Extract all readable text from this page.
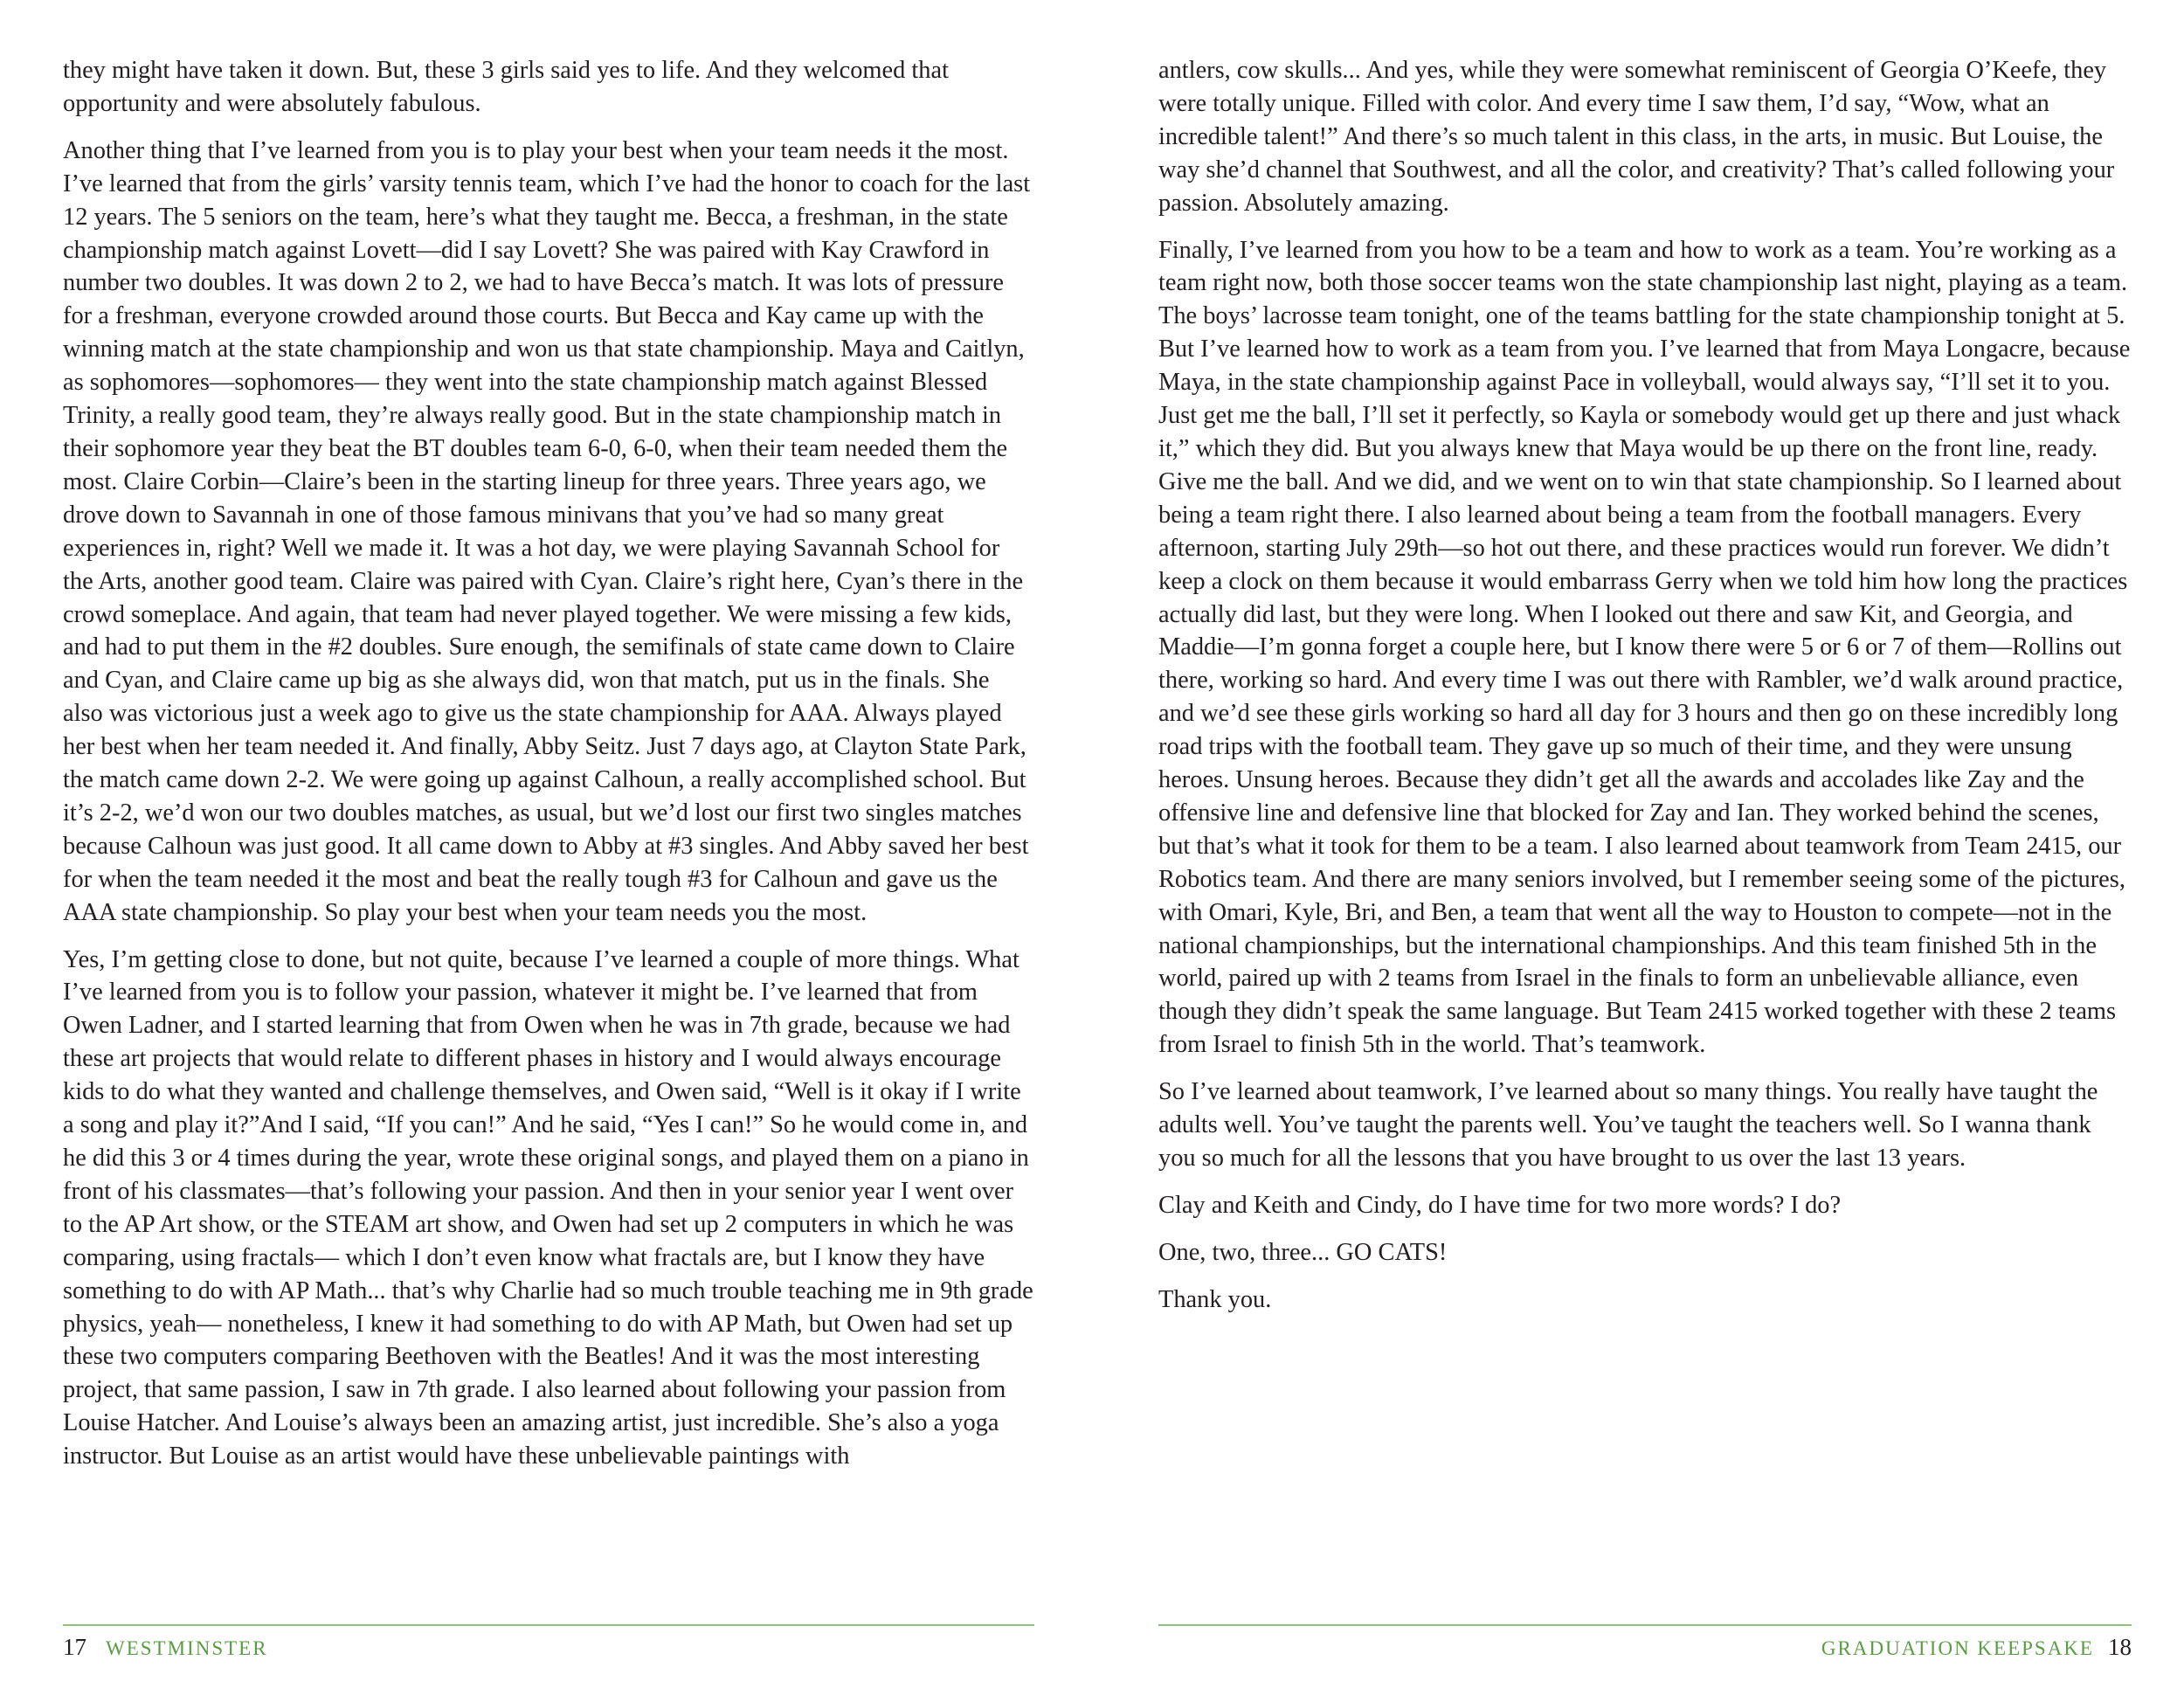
they might have taken it down. But, these 3 girls said yes to life. And they welcomed that opportunity and were absolutely fabulous.

Another thing that I’ve learned from you is to play your best when your team needs it the most. I’ve learned that from the girls’ varsity tennis team, which I’ve had the honor to coach for the last 12 years. The 5 seniors on the team, here’s what they taught me. Becca, a freshman, in the state championship match against Lovett—did I say Lovett? She was paired with Kay Crawford in number two doubles. It was down 2 to 2, we had to have Becca’s match. It was lots of pressure for a freshman, everyone crowded around those courts. But Becca and Kay came up with the winning match at the state championship and won us that state championship. Maya and Caitlyn, as sophomores—sophomores— they went into the state championship match against Blessed Trinity, a really good team, they’re always really good. But in the state championship match in their sophomore year they beat the BT doubles team 6-0, 6-0, when their team needed them the most. Claire Corbin—Claire’s been in the starting lineup for three years. Three years ago, we drove down to Savannah in one of those famous minivans that you’ve had so many great experiences in, right? Well we made it. It was a hot day, we were playing Savannah School for the Arts, another good team. Claire was paired with Cyan. Claire’s right here, Cyan’s there in the crowd someplace. And again, that team had never played together. We were missing a few kids, and had to put them in the #2 doubles. Sure enough, the semifinals of state came down to Claire and Cyan, and Claire came up big as she always did, won that match, put us in the finals. She also was victorious just a week ago to give us the state championship for AAA. Always played her best when her team needed it. And finally, Abby Seitz. Just 7 days ago, at Clayton State Park, the match came down 2-2. We were going up against Calhoun, a really accomplished school. But it’s 2-2, we’d won our two doubles matches, as usual, but we’d lost our first two singles matches because Calhoun was just good. It all came down to Abby at #3 singles. And Abby saved her best for when the team needed it the most and beat the really tough #3 for Calhoun and gave us the AAA state championship. So play your best when your team needs you the most.

Yes, I’m getting close to done, but not quite, because I’ve learned a couple of more things. What I’ve learned from you is to follow your passion, whatever it might be. I’ve learned that from Owen Ladner, and I started learning that from Owen when he was in 7th grade, because we had these art projects that would relate to different phases in history and I would always encourage kids to do what they wanted and challenge themselves, and Owen said, “Well is it okay if I write a song and play it?”And I said, “If you can!” And he said, “Yes I can!” So he would come in, and he did this 3 or 4 times during the year, wrote these original songs, and played them on a piano in front of his classmates—that’s following your passion. And then in your senior year I went over to the AP Art show, or the STEAM art show, and Owen had set up 2 computers in which he was comparing, using fractals— which I don’t even know what fractals are, but I know they have something to do with AP Math... that’s why Charlie had so much trouble teaching me in 9th grade physics, yeah— nonetheless, I knew it had something to do with AP Math, but Owen had set up these two computers comparing Beethoven with the Beatles! And it was the most interesting project, that same passion, I saw in 7th grade. I also learned about following your passion from Louise Hatcher. And Louise’s always been an amazing artist, just incredible. She’s also a yoga instructor. But Louise as an artist would have these unbelievable paintings with

antlers, cow skulls... And yes, while they were somewhat reminiscent of Georgia O’Keefe, they were totally unique. Filled with color. And every time I saw them, I’d say, “Wow, what an incredible talent!” And there’s so much talent in this class, in the arts, in music. But Louise, the way she’d channel that Southwest, and all the color, and creativity? That’s called following your passion. Absolutely amazing.

Finally, I’ve learned from you how to be a team and how to work as a team. You’re working as a team right now, both those soccer teams won the state championship last night, playing as a team. The boys’ lacrosse team tonight, one of the teams battling for the state championship tonight at 5. But I’ve learned how to work as a team from you. I’ve learned that from Maya Longacre, because Maya, in the state championship against Pace in volleyball, would always say, “I’ll set it to you. Just get me the ball, I’ll set it perfectly, so Kayla or somebody would get up there and just whack it,” which they did. But you always knew that Maya would be up there on the front line, ready. Give me the ball. And we did, and we went on to win that state championship. So I learned about being a team right there. I also learned about being a team from the football managers. Every afternoon, starting July 29th—so hot out there, and these practices would run forever. We didn’t keep a clock on them because it would embarrass Gerry when we told him how long the practices actually did last, but they were long. When I looked out there and saw Kit, and Georgia, and Maddie—I’m gonna forget a couple here, but I know there were 5 or 6 or 7 of them—Rollins out there, working so hard. And every time I was out there with Rambler, we’d walk around practice, and we’d see these girls working so hard all day for 3 hours and then go on these incredibly long road trips with the football team. They gave up so much of their time, and they were unsung heroes. Unsung heroes. Because they didn’t get all the awards and accolades like Zay and the offensive line and defensive line that blocked for Zay and Ian. They worked behind the scenes, but that’s what it took for them to be a team. I also learned about teamwork from Team 2415, our Robotics team. And there are many seniors involved, but I remember seeing some of the pictures, with Omari, Kyle, Bri, and Ben, a team that went all the way to Houston to compete—not in the national championships, but the international championships. And this team finished 5th in the world, paired up with 2 teams from Israel in the finals to form an unbelievable alliance, even though they didn’t speak the same language. But Team 2415 worked together with these 2 teams from Israel to finish 5th in the world. That’s teamwork.

So I’ve learned about teamwork, I’ve learned about so many things. You really have taught the adults well. You’ve taught the parents well. You’ve taught the teachers well. So I wanna thank you so much for all the lessons that you have brought to us over the last 13 years.

Clay and Keith and Cindy, do I have time for two more words? I do?

One, two, three... GO CATS!

Thank you.

17 WESTMINSTER	GRADUATION KEEPSAKE 18
